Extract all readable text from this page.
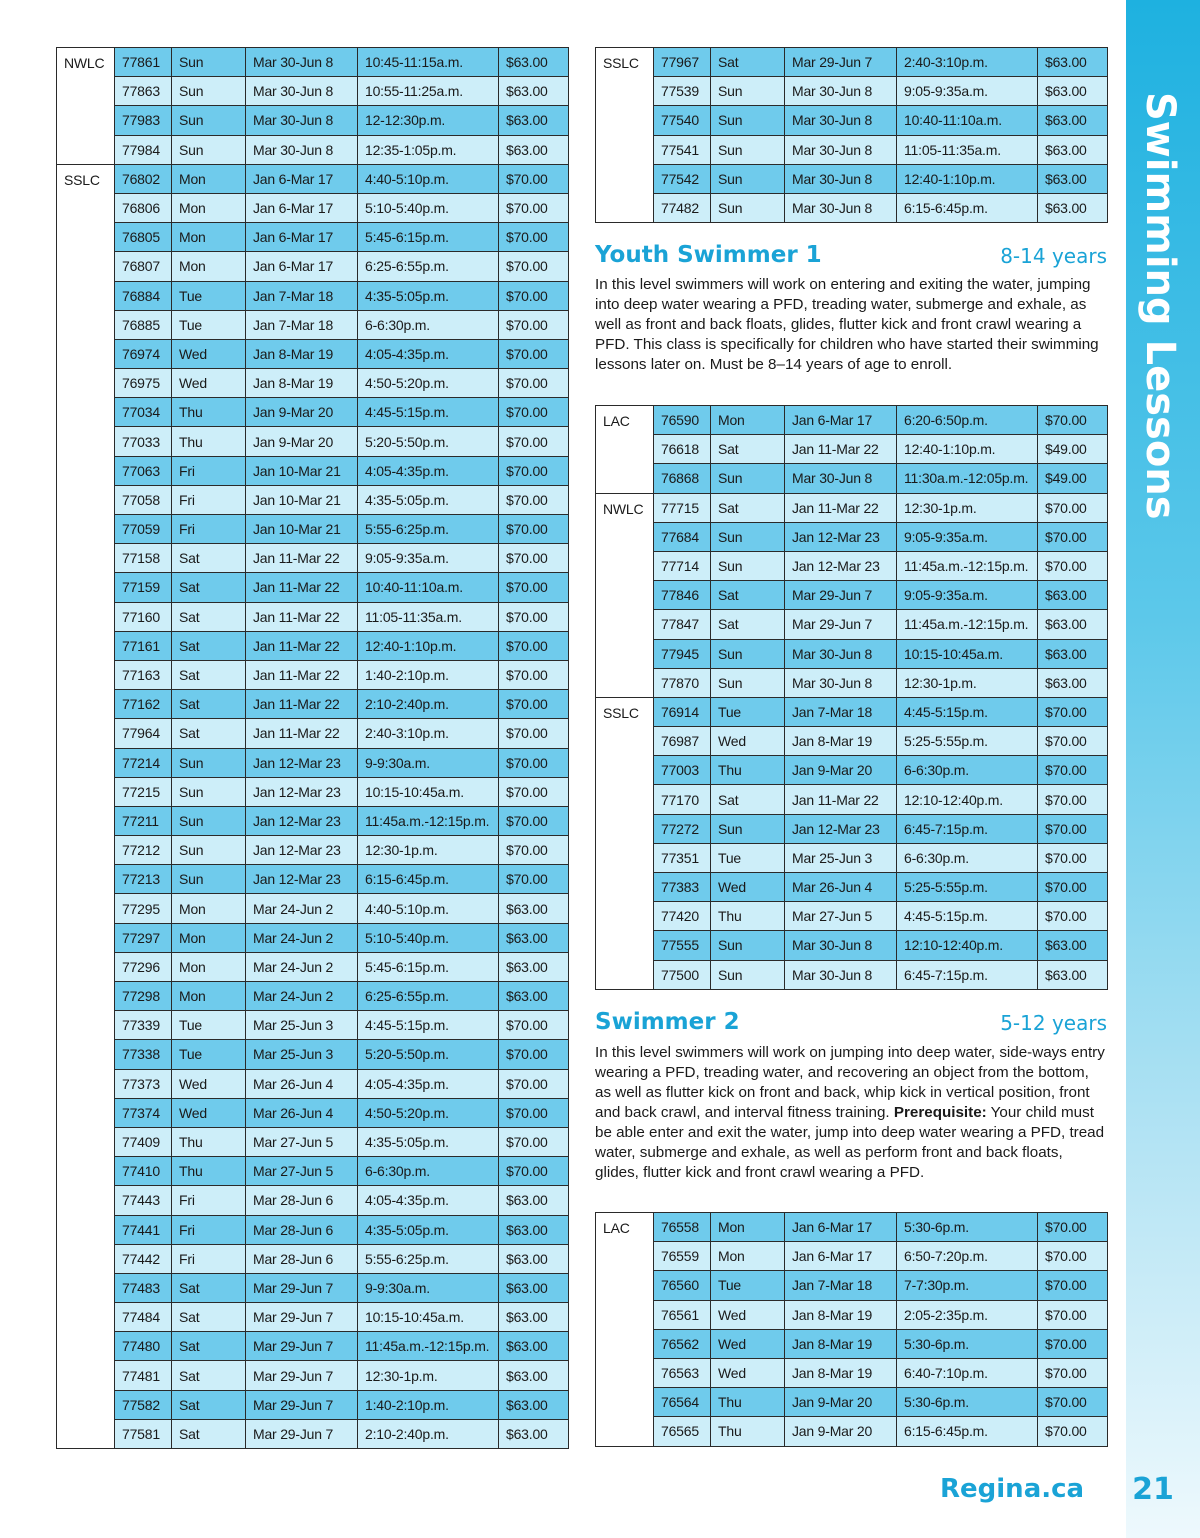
Swimming Lessons
NWLC	77861	Sun	Mar 30-Jun 8	10:45-11:15a.m.	$63.00
	77863	Sun	Mar 30-Jun 8	10:55-11:25a.m.	$63.00
	77983	Sun	Mar 30-Jun 8	12-12:30p.m.	$63.00
	77984	Sun	Mar 30-Jun 8	12:35-1:05p.m.	$63.00
SSLC	76802	Mon	Jan 6-Mar 17	4:40-5:10p.m.	$70.00
	76806	Mon	Jan 6-Mar 17	5:10-5:40p.m.	$70.00
	76805	Mon	Jan 6-Mar 17	5:45-6:15p.m.	$70.00
	76807	Mon	Jan 6-Mar 17	6:25-6:55p.m.	$70.00
	76884	Tue	Jan 7-Mar 18	4:35-5:05p.m.	$70.00
	76885	Tue	Jan 7-Mar 18	6-6:30p.m.	$70.00
	76974	Wed	Jan 8-Mar 19	4:05-4:35p.m.	$70.00
	76975	Wed	Jan 8-Mar 19	4:50-5:20p.m.	$70.00
	77034	Thu	Jan 9-Mar 20	4:45-5:15p.m.	$70.00
	77033	Thu	Jan 9-Mar 20	5:20-5:50p.m.	$70.00
	77063	Fri	Jan 10-Mar 21	4:05-4:35p.m.	$70.00
	77058	Fri	Jan 10-Mar 21	4:35-5:05p.m.	$70.00
	77059	Fri	Jan 10-Mar 21	5:55-6:25p.m.	$70.00
	77158	Sat	Jan 11-Mar 22	9:05-9:35a.m.	$70.00
	77159	Sat	Jan 11-Mar 22	10:40-11:10a.m.	$70.00
	77160	Sat	Jan 11-Mar 22	11:05-11:35a.m.	$70.00
	77161	Sat	Jan 11-Mar 22	12:40-1:10p.m.	$70.00
	77163	Sat	Jan 11-Mar 22	1:40-2:10p.m.	$70.00
	77162	Sat	Jan 11-Mar 22	2:10-2:40p.m.	$70.00
	77964	Sat	Jan 11-Mar 22	2:40-3:10p.m.	$70.00
	77214	Sun	Jan 12-Mar 23	9-9:30a.m.	$70.00
	77215	Sun	Jan 12-Mar 23	10:15-10:45a.m.	$70.00
	77211	Sun	Jan 12-Mar 23	11:45a.m.-12:15p.m.	$70.00
	77212	Sun	Jan 12-Mar 23	12:30-1p.m.	$70.00
	77213	Sun	Jan 12-Mar 23	6:15-6:45p.m.	$70.00
	77295	Mon	Mar 24-Jun 2	4:40-5:10p.m.	$63.00
	77297	Mon	Mar 24-Jun 2	5:10-5:40p.m.	$63.00
	77296	Mon	Mar 24-Jun 2	5:45-6:15p.m.	$63.00
	77298	Mon	Mar 24-Jun 2	6:25-6:55p.m.	$63.00
	77339	Tue	Mar 25-Jun 3	4:45-5:15p.m.	$70.00
	77338	Tue	Mar 25-Jun 3	5:20-5:50p.m.	$70.00
	77373	Wed	Mar 26-Jun 4	4:05-4:35p.m.	$70.00
	77374	Wed	Mar 26-Jun 4	4:50-5:20p.m.	$70.00
	77409	Thu	Mar 27-Jun 5	4:35-5:05p.m.	$70.00
	77410	Thu	Mar 27-Jun 5	6-6:30p.m.	$70.00
	77443	Fri	Mar 28-Jun 6	4:05-4:35p.m.	$63.00
	77441	Fri	Mar 28-Jun 6	4:35-5:05p.m.	$63.00
	77442	Fri	Mar 28-Jun 6	5:55-6:25p.m.	$63.00
	77483	Sat	Mar 29-Jun 7	9-9:30a.m.	$63.00
	77484	Sat	Mar 29-Jun 7	10:15-10:45a.m.	$63.00
	77480	Sat	Mar 29-Jun 7	11:45a.m.-12:15p.m.	$63.00
	77481	Sat	Mar 29-Jun 7	12:30-1p.m.	$63.00
	77582	Sat	Mar 29-Jun 7	1:40-2:10p.m.	$63.00
	77581	Sat	Mar 29-Jun 7	2:10-2:40p.m.	$63.00
SSLC	77967	Sat	Mar 29-Jun 7	2:40-3:10p.m.	$63.00
	77539	Sun	Mar 30-Jun 8	9:05-9:35a.m.	$63.00
	77540	Sun	Mar 30-Jun 8	10:40-11:10a.m.	$63.00
	77541	Sun	Mar 30-Jun 8	11:05-11:35a.m.	$63.00
	77542	Sun	Mar 30-Jun 8	12:40-1:10p.m.	$63.00
	77482	Sun	Mar 30-Jun 8	6:15-6:45p.m.	$63.00
Youth Swimmer 1	8-14 years
In this level swimmers will work on entering and exiting the water, jumping into deep water wearing a PFD, treading water, submerge and exhale, as well as front and back floats, glides, flutter kick and front crawl wearing a PFD. This class is specifically for children who have started their swimming lessons later on. Must be 8–14 years of age to enroll.
LAC	76590	Mon	Jan 6-Mar 17	6:20-6:50p.m.	$70.00
	76618	Sat	Jan 11-Mar 22	12:40-1:10p.m.	$49.00
	76868	Sun	Mar 30-Jun 8	11:30a.m.-12:05p.m.	$49.00
NWLC	77715	Sat	Jan 11-Mar 22	12:30-1p.m.	$70.00
	77684	Sun	Jan 12-Mar 23	9:05-9:35a.m.	$70.00
	77714	Sun	Jan 12-Mar 23	11:45a.m.-12:15p.m.	$70.00
	77846	Sat	Mar 29-Jun 7	9:05-9:35a.m.	$63.00
	77847	Sat	Mar 29-Jun 7	11:45a.m.-12:15p.m.	$63.00
	77945	Sun	Mar 30-Jun 8	10:15-10:45a.m.	$63.00
	77870	Sun	Mar 30-Jun 8	12:30-1p.m.	$63.00
SSLC	76914	Tue	Jan 7-Mar 18	4:45-5:15p.m.	$70.00
	76987	Wed	Jan 8-Mar 19	5:25-5:55p.m.	$70.00
	77003	Thu	Jan 9-Mar 20	6-6:30p.m.	$70.00
	77170	Sat	Jan 11-Mar 22	12:10-12:40p.m.	$70.00
	77272	Sun	Jan 12-Mar 23	6:45-7:15p.m.	$70.00
	77351	Tue	Mar 25-Jun 3	6-6:30p.m.	$70.00
	77383	Wed	Mar 26-Jun 4	5:25-5:55p.m.	$70.00
	77420	Thu	Mar 27-Jun 5	4:45-5:15p.m.	$70.00
	77555	Sun	Mar 30-Jun 8	12:10-12:40p.m.	$63.00
	77500	Sun	Mar 30-Jun 8	6:45-7:15p.m.	$63.00
Swimmer 2	5-12 years
In this level swimmers will work on jumping into deep water, side-ways entry wearing a PFD, treading water, and recovering an object from the bottom, as well as flutter kick on front and back, whip kick in vertical position, front and back crawl, and interval fitness training. Prerequisite: Your child must be able enter and exit the water, jump into deep water wearing a PFD, tread water, submerge and exhale, as well as perform front and back floats, glides, flutter kick and front crawl wearing a PFD.
LAC	76558	Mon	Jan 6-Mar 17	5:30-6p.m.	$70.00
	76559	Mon	Jan 6-Mar 17	6:50-7:20p.m.	$70.00
	76560	Tue	Jan 7-Mar 18	7-7:30p.m.	$70.00
	76561	Wed	Jan 8-Mar 19	2:05-2:35p.m.	$70.00
	76562	Wed	Jan 8-Mar 19	5:30-6p.m.	$70.00
	76563	Wed	Jan 8-Mar 19	6:40-7:10p.m.	$70.00
	76564	Thu	Jan 9-Mar 20	5:30-6p.m.	$70.00
	76565	Thu	Jan 9-Mar 20	6:15-6:45p.m.	$70.00
Regina.ca 21
